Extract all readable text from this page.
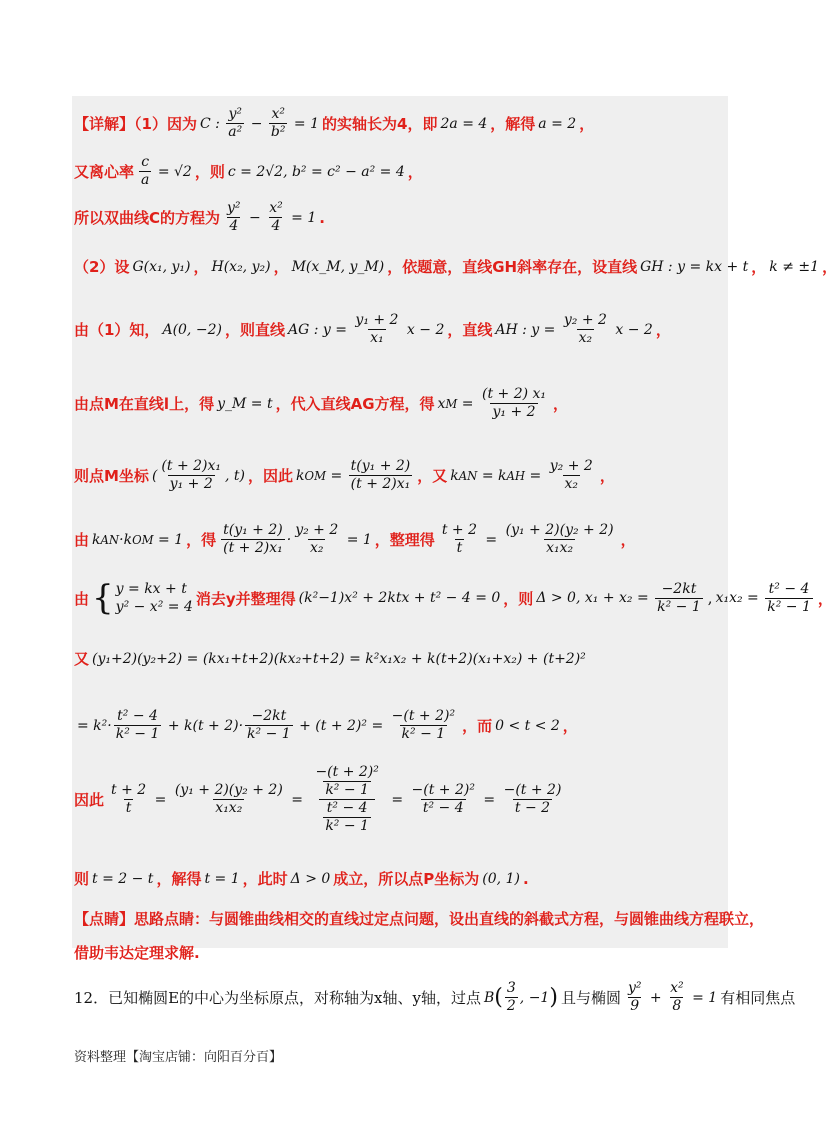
【详解】（1）因为 C :
y²
a²
−
x²
b²
= 1 的实轴长为4，即 2a = 4 ，解得 a = 2 ，
又离心率
c
a
= √2 ，则 c = 2√2, b² = c² − a² = 4 ，
所以双曲线C的方程为
y²
4
−
x²
4
= 1 .
（2）设 G(x₁, y₁) ， H(x₂, y₂) ， M(x_M, y_M) ，依题意，直线GH斜率存在，设直线 GH : y = kx + t ， k ≠ ±1 ，
由（1）知， A(0, −2) ，则直线 AG : y =
y₁ + 2
x₁
x − 2 ，直线 AH : y =
y₂ + 2
x₂
x − 2 ，
由点M在直线l上，得 y_M = t ，代入直线AG方程，得 x M =
(t + 2) x₁
y₁ + 2 ，
则点M坐标 (
(t + 2)x₁
y₁ + 2
, t) ，因此 k OM =
t(y₁ + 2)
(t + 2)x₁ ，又 k AN = k AH =
y₂ + 2
x₂ ，
由 k AN ·k OM = 1 ，得
t(y₁ + 2)
(t + 2)x₁
·
y₂ + 2
x₂
= 1 ，整理得
t + 2
t
=
(y₁ + 2)(y₂ + 2)
x₁x₂	，
由 { y = kx + t
y² − x² = 4 消去y并整理得 (k²−1)x² + 2ktx + t² − 4 = 0 ，则 Δ > 0, x₁ + x₂ =
−2kt
k² − 1 , x₁x₂ =
t² − 4
k² − 1 ，
又 (y₁+2)(y₂+2) = (kx₁+t+2)(kx₂+t+2) = k²x₁x₂ + k(t+2)(x₁+x₂) + (t+2)²
= k²·
t² − 4
k² − 1
+ k(t + 2)·
−2kt
k² − 1
+ (t + 2)² =
−(t + 2)²
k² − 1 ，而 0 < t < 2 ，
因此
t + 2
t
=
(y₁ + 2)(y₂ + 2)
x₁x₂
=
$\frac{\text{−(t + 2)²}}{\text{k² − 1}}$
$\frac{\text{t² − 4}}{\text{k² − 1}}$
=
−(t + 2)²
t² − 4
=
−(t + 2)
t − 2
则 t = 2 − t ，解得 t = 1 ，此时 Δ > 0 成立，所以点P坐标为 (0, 1) .
【点睛】思路点睛：与圆锥曲线相交的直线过定点问题，设出直线的斜截式方程，与圆锥曲线方程联立，
借助韦达定理求解.
12．已知椭圆E的中心为坐标原点，对称轴为x轴、y轴，过点 B ( 3
2
, −1 ) 且与椭圆
y²
9
+
x²
8
= 1 有相同焦点
资料整理【淘宝店铺：向阳百分百】
